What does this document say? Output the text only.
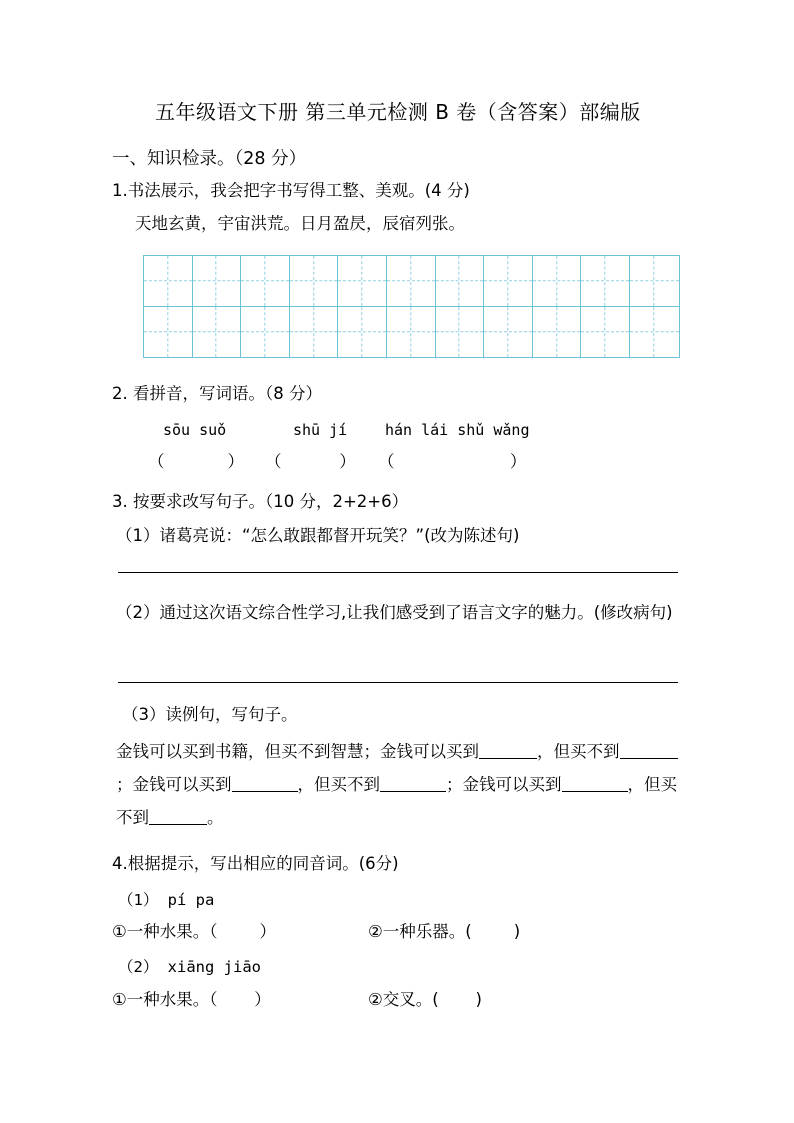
五年级语文下册 第三单元检测 B 卷（含答案）部编版
一、知识检录。（28 分）
1.书法展示，我会把字书写得工整、美观。(4 分)
天地玄黄，宇宙洪荒。日月盈昃，辰宿列张。
2. 看拼音，写词语。（8 分）
sōu suǒ	shū jí	hán lái shǔ wǎng
（            ） （           ） （                      ）
3. 按要求改写句子。（10 分，2+2+6）
（1）诸葛亮说：“怎么敢跟都督开玩笑？”(改为陈述句)
（2）通过这次语文综合性学习,让我们感受到了语言文字的魅力。(修改病句)
（3）读例句，写句子。
金钱可以买到书籍，但买不到智慧；金钱可以买到	，但买不到；金钱可以买到	，但买不到	；金钱可以买到	，但买不到	。
4.根据提示，写出相应的同音词。(6分)
（1） pí pa
①一种水果。（        ）	②一种乐器。(        )
（2） xiāng jiāo
①一种水果。（       ）	②交叉。(       )
